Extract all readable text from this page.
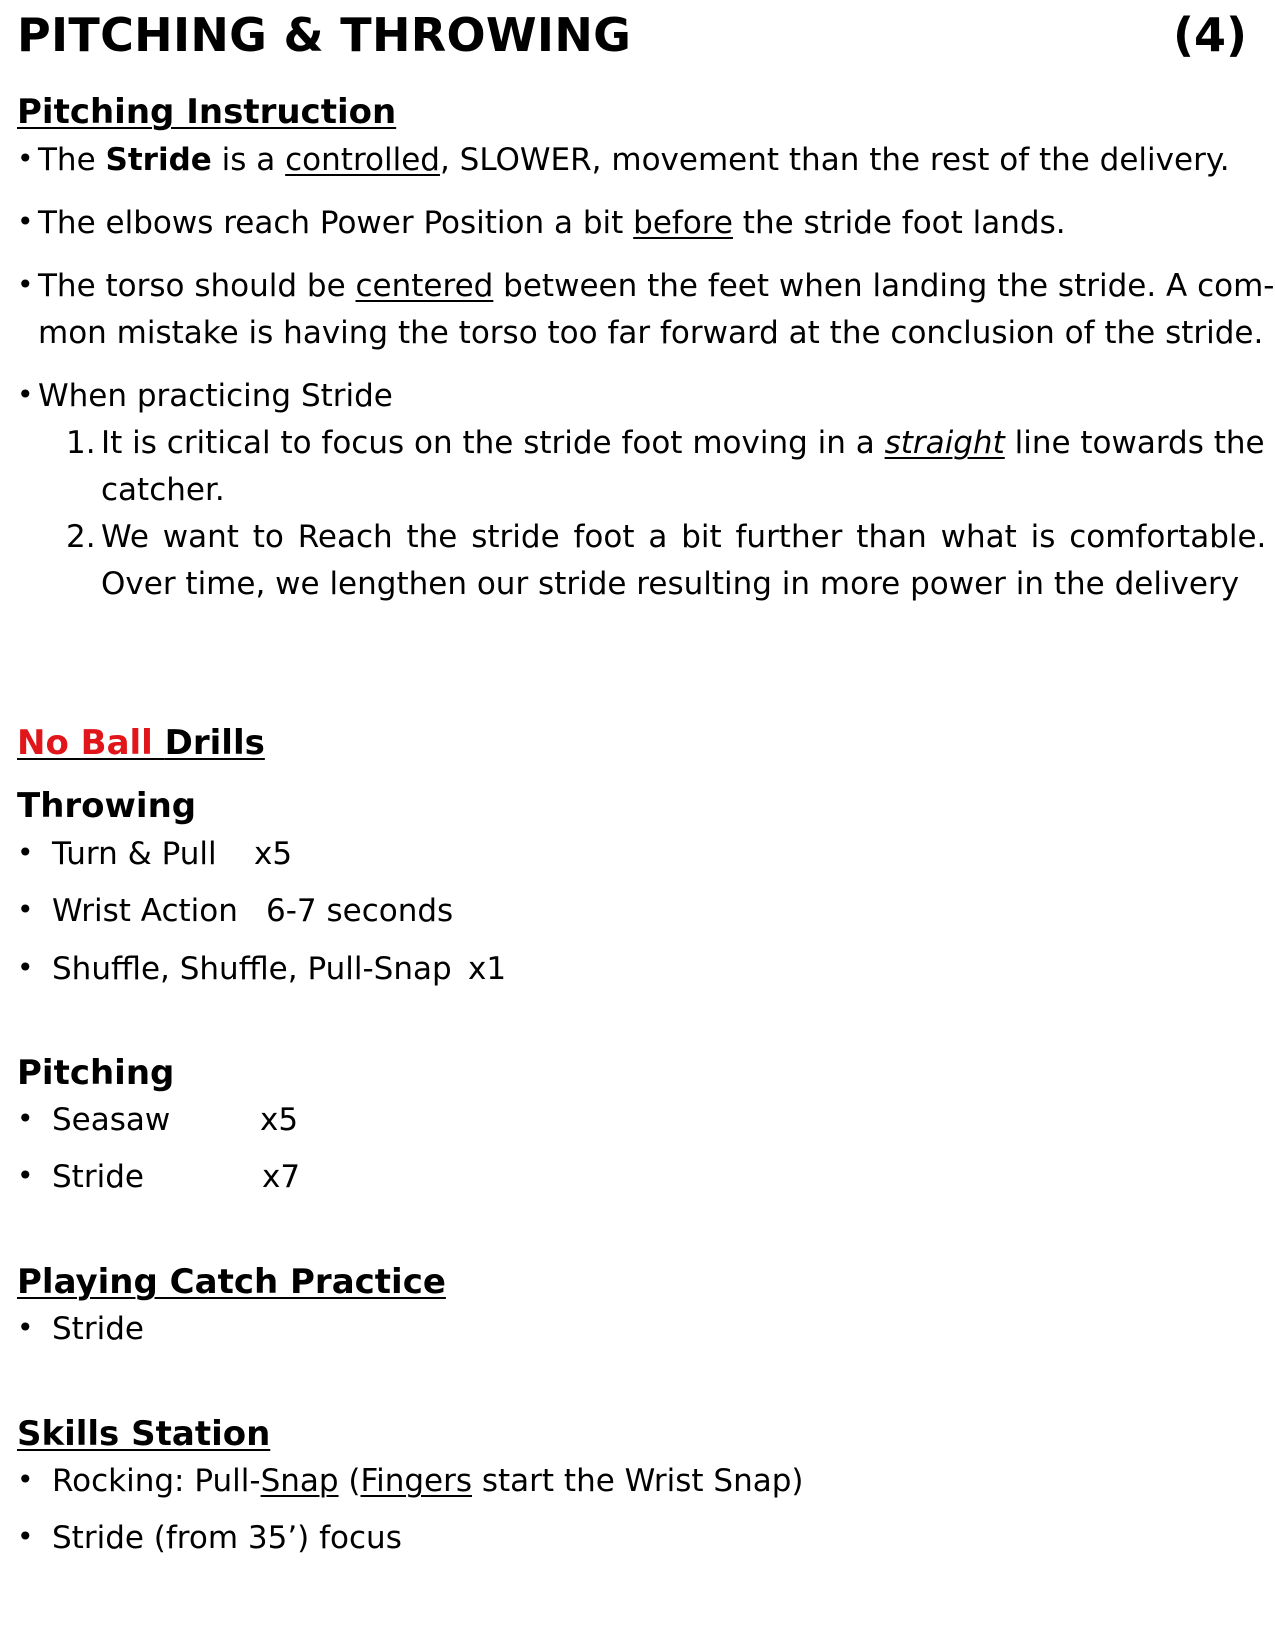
PITCHING & THROWING	(4)
Pitching Instruction
• The Stride is a controlled, SLOWER, movement than the rest of the delivery.
• The elbows reach Power Position a bit before the stride foot lands.
• The torso should be centered between the feet when landing the stride. A com-
mon mistake is having the torso too far forward at the conclusion of the stride.
• When practicing Stride
1. It is critical to focus on the stride foot moving in a straight line towards the
catcher.
2. We want to Reach the stride foot a bit further than what is comfortable.
Over time, we lengthen our stride resulting in more power in the delivery
No Ball Drills
Throwing
• Turn & Pull x5
• Wrist Action 6-7 seconds
• Shuffle, Shuffle, Pull-Snap x1
Pitching
• Seasaw	x5
• Stride	x7
Playing Catch Practice
• Stride
Skills Station
• Rocking: Pull-Snap (Fingers start the Wrist Snap)
• Stride (from 35’) focus
